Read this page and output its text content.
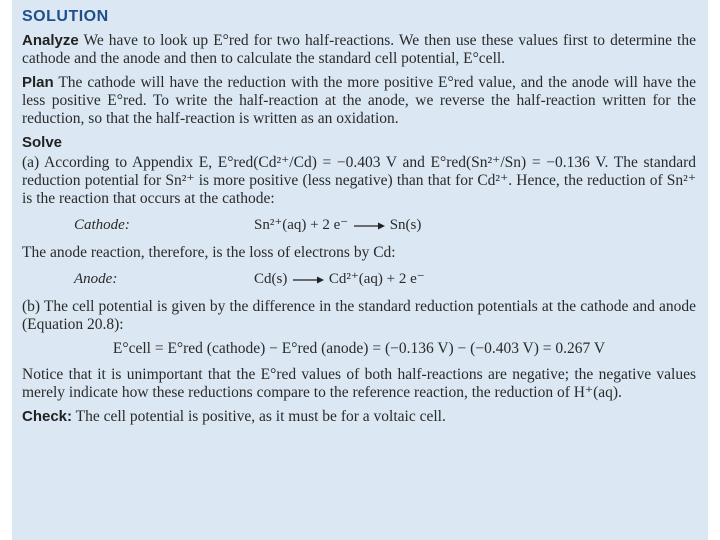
SOLUTION

Analyze We have to look up E°red for two half-reactions. We then use these values first to determine the cathode and the anode and then to calculate the standard cell potential, E°cell.

Plan The cathode will have the reduction with the more positive E°red value, and the anode will have the less positive E°red. To write the half-reaction at the anode, we reverse the half-reaction written for the reduction, so that the half-reaction is written as an oxidation.

Solve

(a) According to Appendix E, E°red(Cd²⁺/Cd) = −0.403 V and E°red(Sn²⁺/Sn) = −0.136 V. The standard reduction potential for Sn²⁺ is more positive (less negative) than that for Cd²⁺. Hence, the reduction of Sn²⁺ is the reaction that occurs at the cathode:

Cathode:	Sn²⁺(aq) + 2 e⁻ → Sn(s)

The anode reaction, therefore, is the loss of electrons by Cd:

Anode:	Cd(s) → Cd²⁺(aq) + 2 e⁻

(b) The cell potential is given by the difference in the standard reduction potentials at the cathode and anode (Equation 20.8):

E°cell = E°red (cathode) − E°red (anode) = (−0.136 V) − (−0.403 V) = 0.267 V

Notice that it is unimportant that the E°red values of both half-reactions are negative; the negative values merely indicate how these reductions compare to the reference reaction, the reduction of H⁺(aq).

Check: The cell potential is positive, as it must be for a voltaic cell.
